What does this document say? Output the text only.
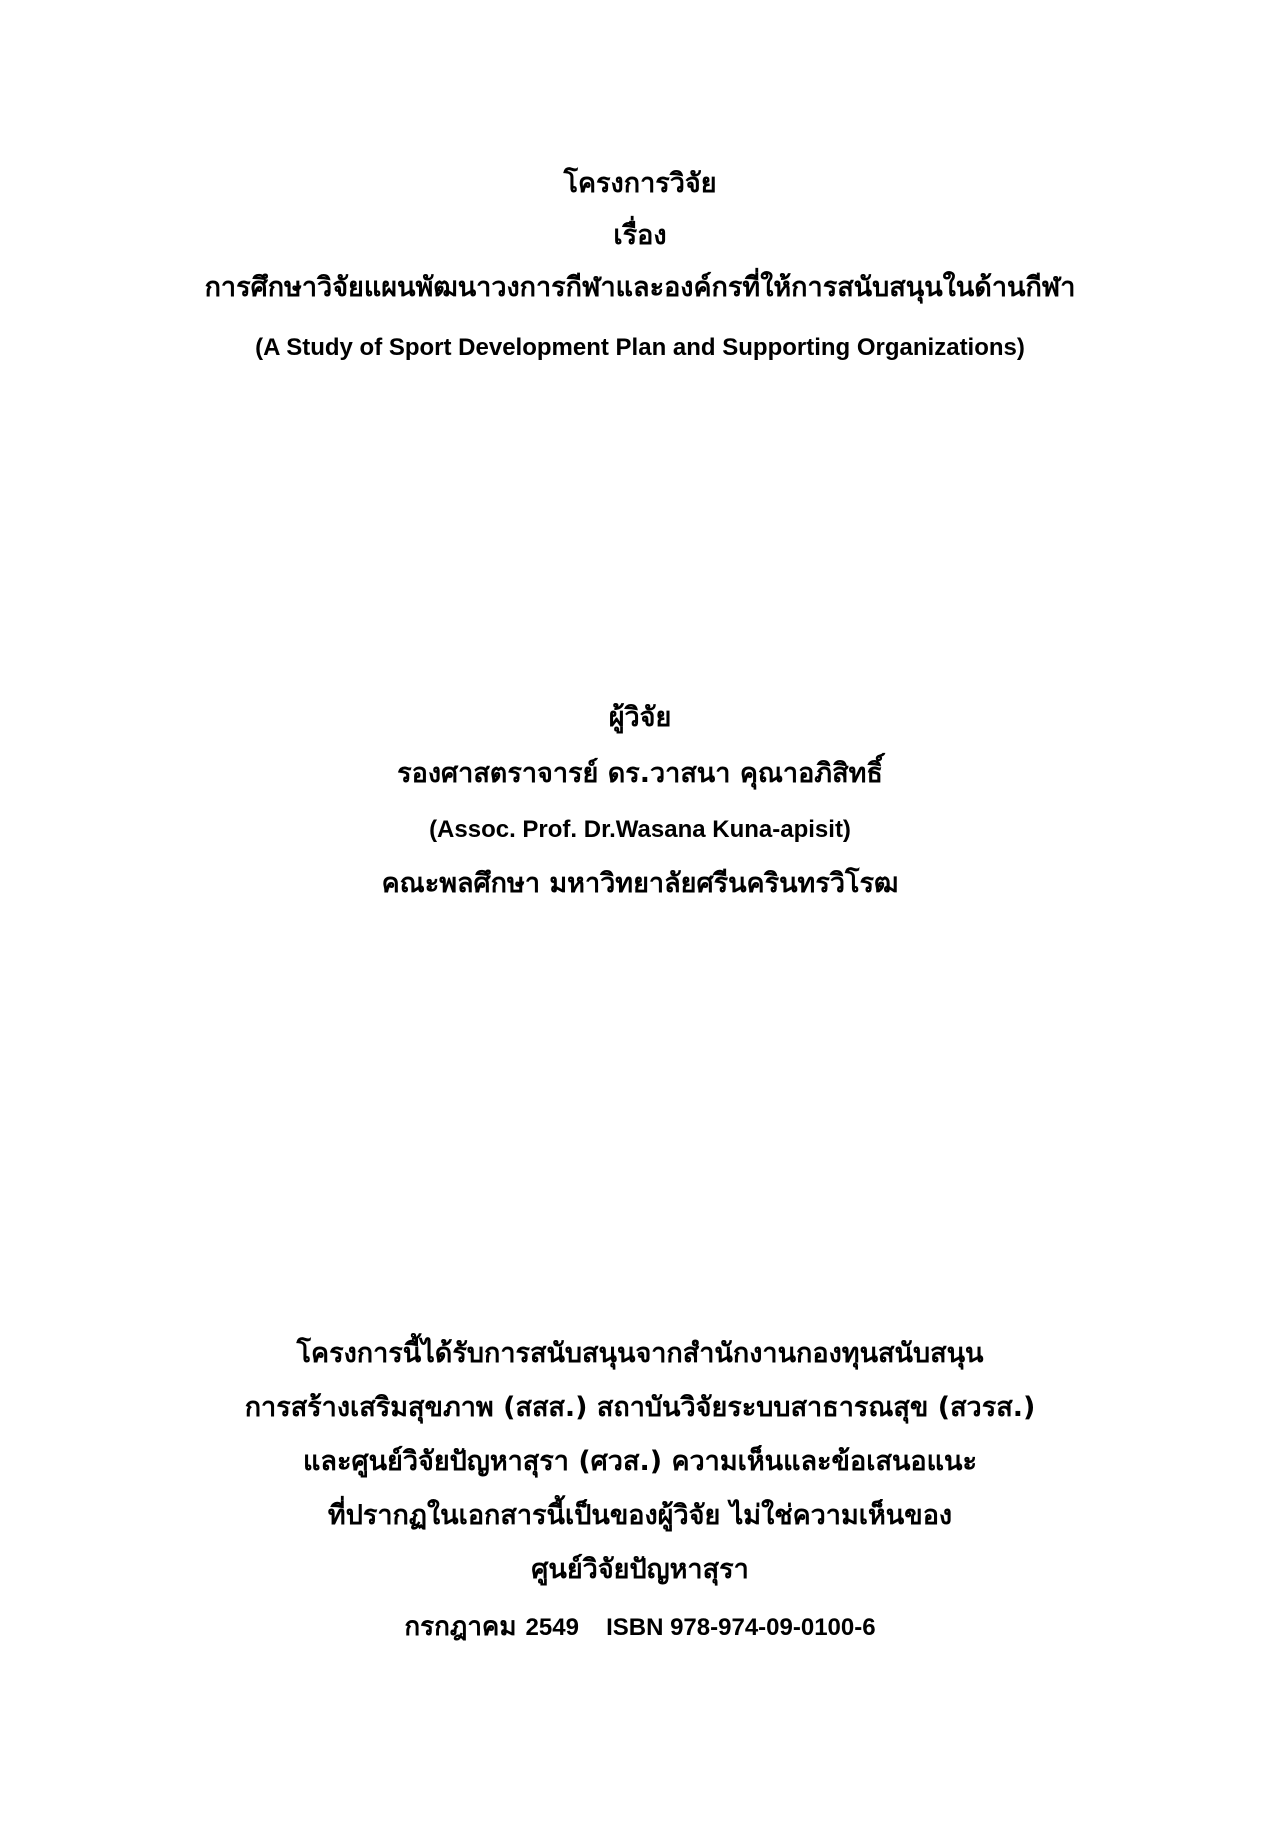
โครงการวิจัย
เรื่อง
การศึกษาวิจัยแผนพัฒนาวงการกีฬาและองค์กรที่ให้การสนับสนุนในด้านกีฬา
(A Study of Sport Development Plan and Supporting Organizations)
ผู้วิจัย
รองศาสตราจารย์ ดร.วาสนา คุณาอภิสิทธิ์
(Assoc. Prof. Dr.Wasana Kuna-apisit)
คณะพลศึกษา มหาวิทยาลัยศรีนครินทรวิโรฒ
โครงการนี้ได้รับการสนับสนุนจากสำนักงานกองทุนสนับสนุน
การสร้างเสริมสุขภาพ (สสส.) สถาบันวิจัยระบบสาธารณสุข (สวรส.)
และศูนย์วิจัยปัญหาสุรา (ศวส.) ความเห็นและข้อเสนอแนะ
ที่ปรากฏในเอกสารนี้เป็นของผู้วิจัย ไม่ใช่ความเห็นของ
ศูนย์วิจัยปัญหาสุรา
กรกฎาคม 2549 ISBN 978-974-09-0100-6
